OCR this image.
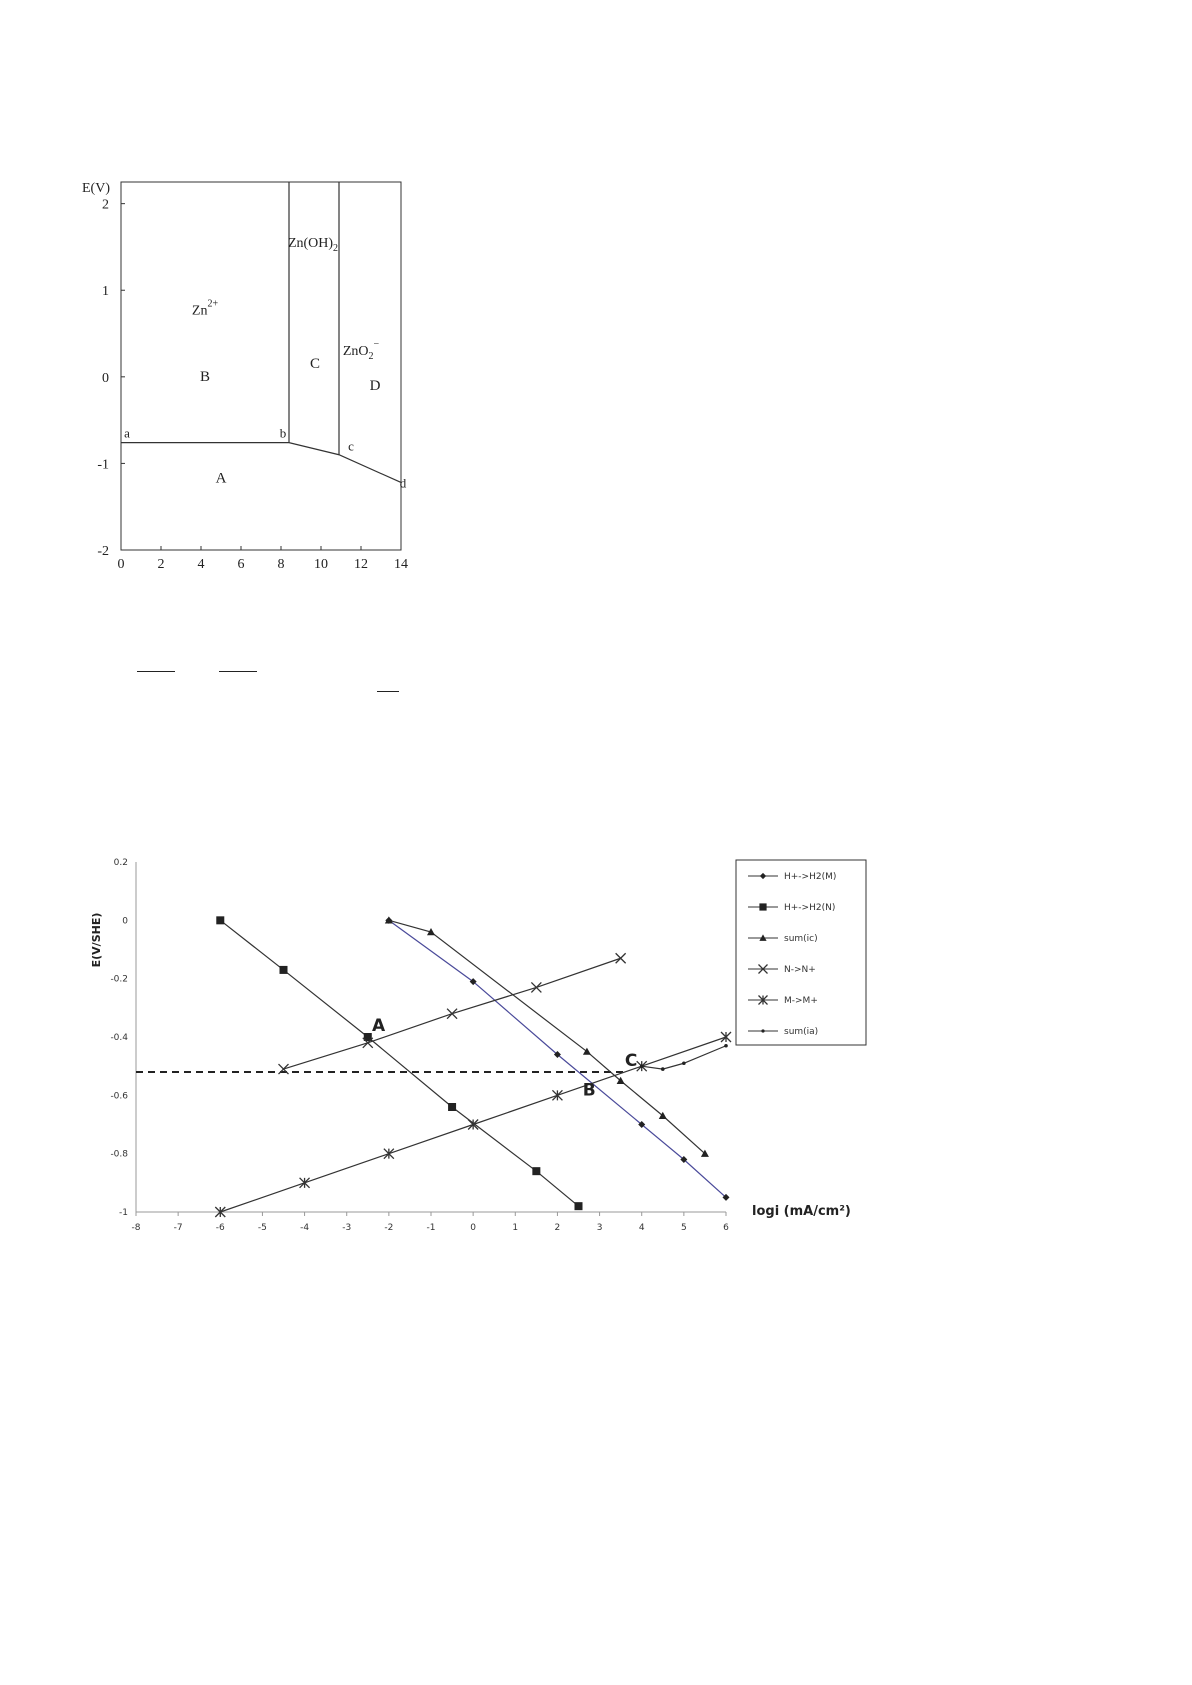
E(V)
2
1
0
-1
-2
0 2 4 6 8 10 12 14
a	b
c
d
$Zn^{2+}$
B
$Zn(OH)_2$
C
ZnO$_2$−
D
A
E(V/SHE)
0.2
0
-0.2
-0.4
-0.6
-0.8
-1
-8	-7	-6	-5	-4	-3	-2	-1	0	1	2	3	4	5	6
A
B
C
logi (mA/cm²)
H+->H2(M)
H+->H2(N)
sum(ic)
N->N+
M->M+
sum(ia)
